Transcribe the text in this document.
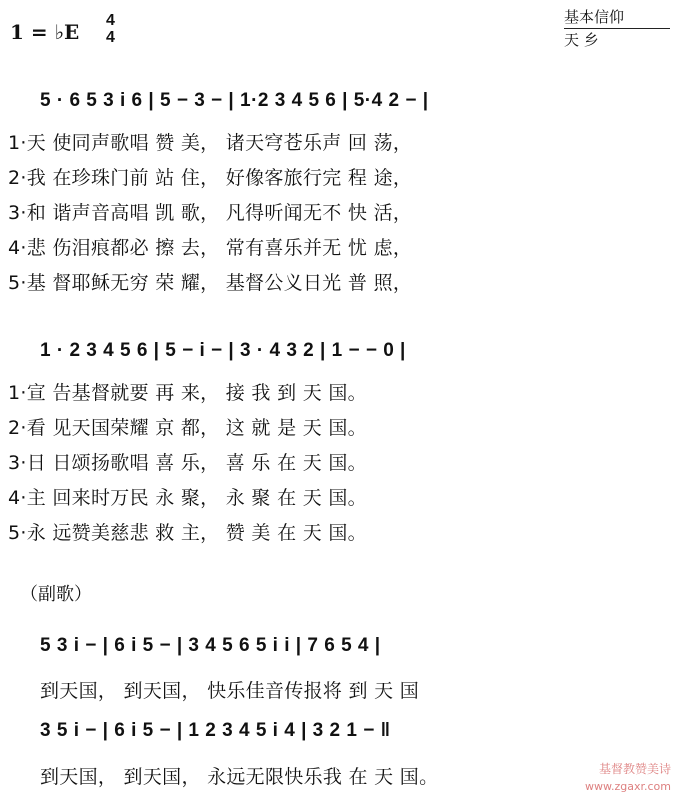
1 = ♭E 4
4
基本信仰
天 乡
5 · 6 5 3 i 6 | 5 − 3 − | 1·2 3 4 5 6 | 5·4 2 − |
1·天 使同声歌唱 赞 美， 诸天穹苍乐声 回 荡，
2·我 在珍珠门前 站 住， 好像客旅行完 程 途，
3·和 谐声音高唱 凯 歌， 凡得听闻无不 快 活，
4·悲 伤泪痕都必 擦 去， 常有喜乐并无 忧 虑，
5·基 督耶稣无穷 荣 耀， 基督公义日光 普 照，
1 · 2 3 4 5 6 | 5 − i − | 3 · 4 3 2 | 1 − − 0 |
1·宣 告基督就要 再 来， 接 我 到 天 国。
2·看 见天国荣耀 京 都， 这 就 是 天 国。
3·日 日颂扬歌唱 喜 乐， 喜 乐 在 天 国。
4·主 回来时万民 永 聚， 永 聚 在 天 国。
5·永 远赞美慈悲 救 主， 赞 美 在 天 国。
（副歌）
5 3 i − | 6 i 5 − | 3 4 5 6 5 i i | 7 6 5 4 |
到天国， 到天国， 快乐佳音传报将 到 天 国
3 5 i − | 6 i 5 − | 1 2 3 4 5 i 4 | 3 2 1 − ‖
到天国， 到天国， 永远无限快乐我 在 天 国。	基督教赞美诗
www.zgaxr.com
